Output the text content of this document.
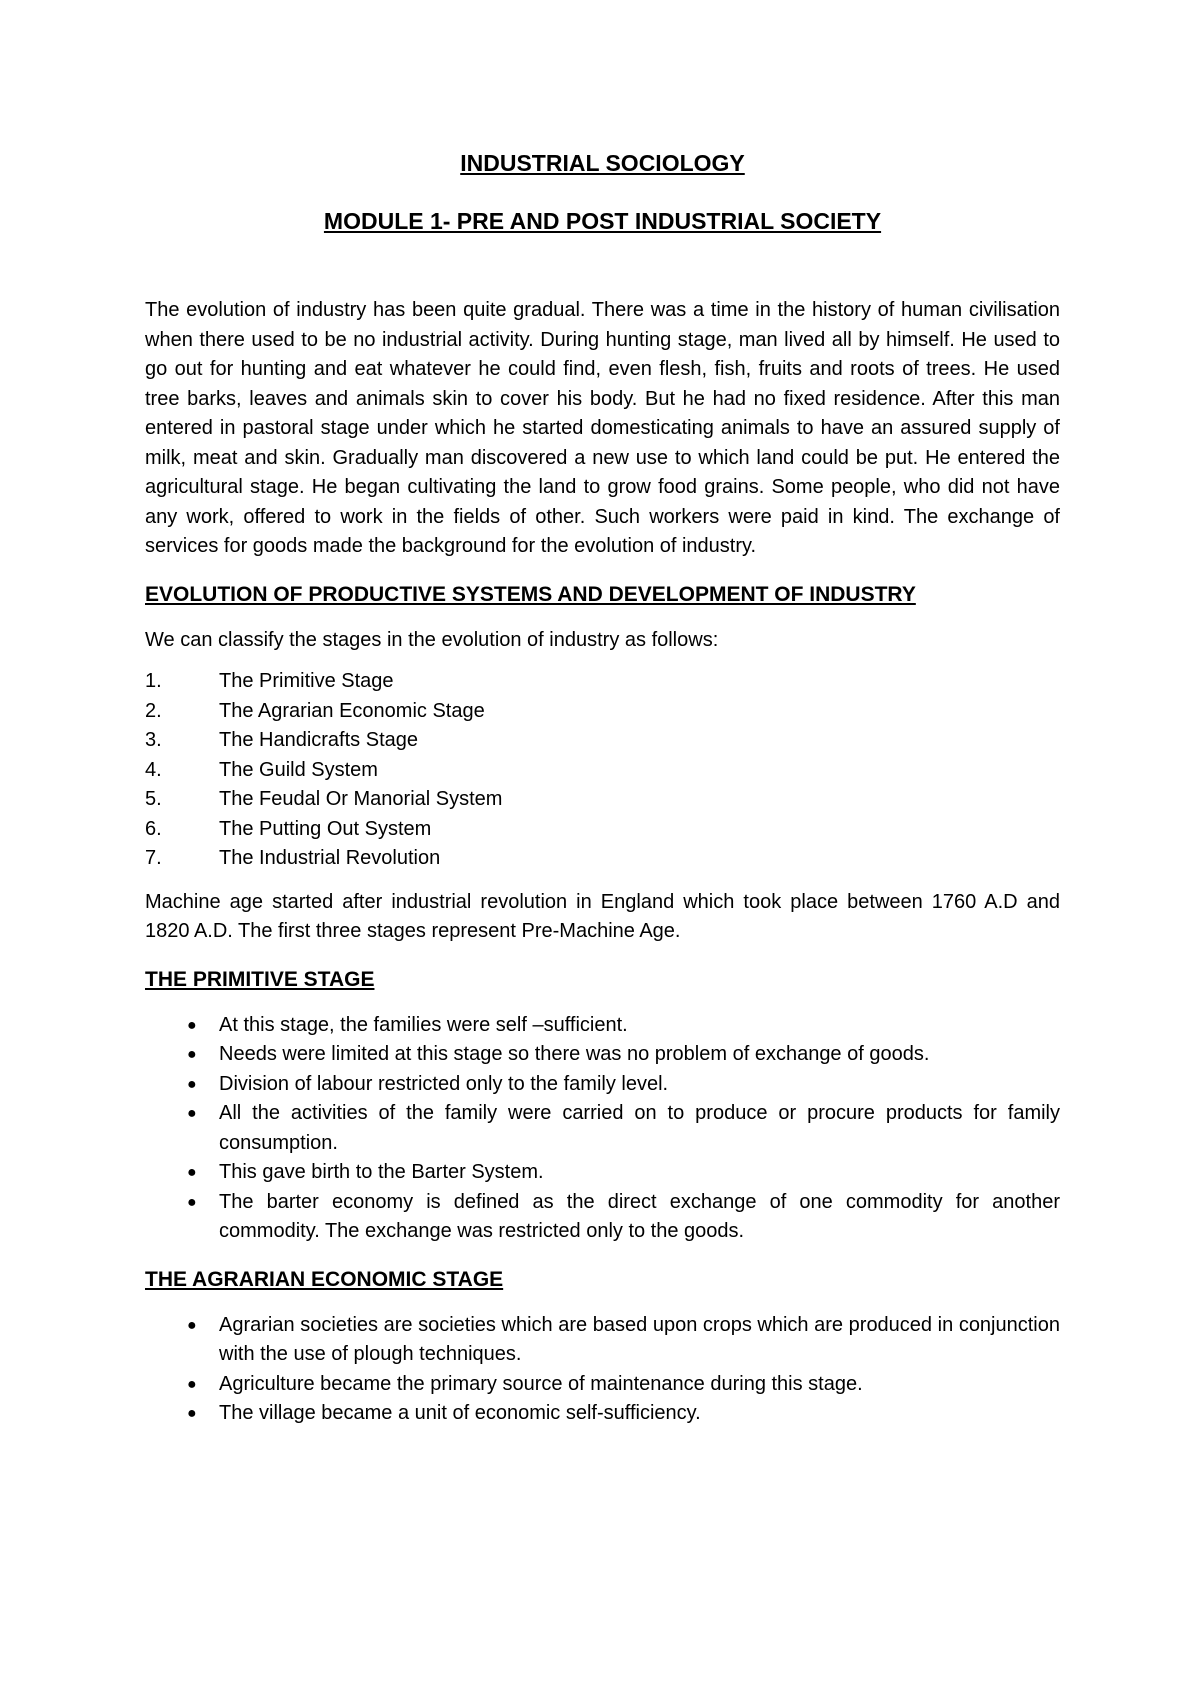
INDUSTRIAL SOCIOLOGY
MODULE 1- PRE AND POST INDUSTRIAL SOCIETY

The evolution of industry has been quite gradual. There was a time in the history of human civilisation when there used to be no industrial activity. During hunting stage, man lived all by himself. He used to go out for hunting and eat whatever he could find, even flesh, fish, fruits and roots of trees. He used tree barks, leaves and animals skin to cover his body. But he had no fixed residence. After this man entered in pastoral stage under which he started domesticating animals to have an assured supply of milk, meat and skin. Gradually man discovered a new use to which land could be put. He entered the agricultural stage. He began cultivating the land to grow food grains. Some people, who did not have any work, offered to work in the fields of other. Such workers were paid in kind. The exchange of services for goods made the background for the evolution of industry.

EVOLUTION OF PRODUCTIVE SYSTEMS AND DEVELOPMENT OF INDUSTRY

We can classify the stages in the evolution of industry as follows:

1.	The Primitive Stage
2.	The Agrarian Economic Stage
3.	The Handicrafts Stage
4.	The Guild System
5.	The Feudal Or Manorial System
6.	The Putting Out System
7.	The Industrial Revolution

Machine age started after industrial revolution in England which took place between 1760 A.D and 1820 A.D. The first three stages represent Pre-Machine Age.

THE PRIMITIVE STAGE
● At this stage, the families were self –sufficient.
● Needs were limited at this stage so there was no problem of exchange of goods.
● Division of labour restricted only to the family level.
● All the activities of the family were carried on to produce or procure products for family consumption.
● This gave birth to the Barter System.
● The barter economy is defined as the direct exchange of one commodity for another commodity. The exchange was restricted only to the goods.
THE AGRARIAN ECONOMIC STAGE
● Agrarian societies are societies which are based upon crops which are produced in conjunction with the use of plough techniques.
● Agriculture became the primary source of maintenance during this stage.
● The village became a unit of economic self-sufficiency.
